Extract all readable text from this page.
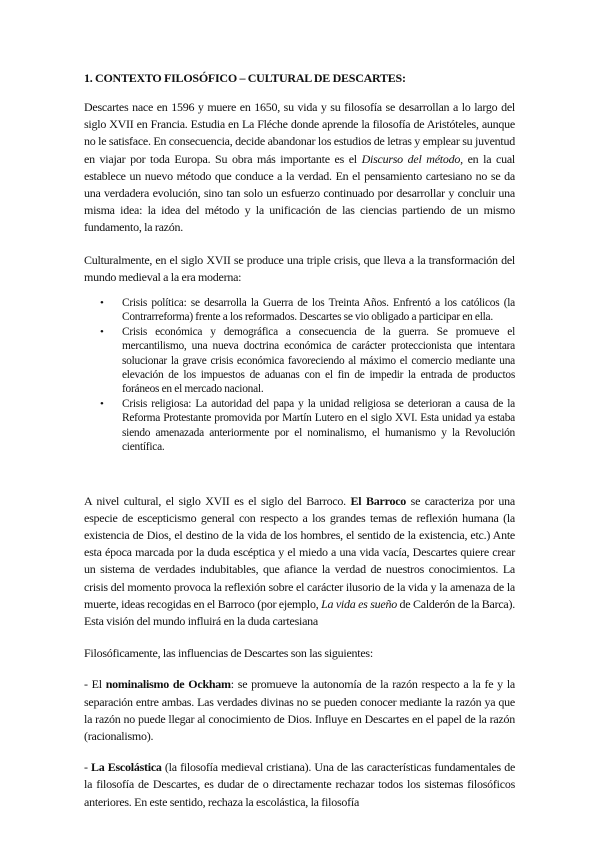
1. CONTEXTO FILOSÓFICO – CULTURAL DE DESCARTES:

Descartes nace en 1596 y muere en 1650, su vida y su filosofía se desarrollan a lo largo del siglo XVII en Francia. Estudia en La Fléche donde aprende la filosofía de Aristóteles, aunque no le satisface. En consecuencia, decide abandonar los estudios de letras y emplear su juventud en viajar por toda Europa. Su obra más importante es el Discurso del método, en la cual establece un nuevo método que conduce a la verdad. En el pensamiento cartesiano no se da una verdadera evolución, sino tan solo un esfuerzo continuado por desarrollar y concluir una misma idea: la idea del método y la unificación de las ciencias partiendo de un mismo fundamento, la razón.

Culturalmente, en el siglo XVII se produce una triple crisis, que lleva a la transformación del mundo medieval a la era moderna:

• Crisis política: se desarrolla la Guerra de los Treinta Años. Enfrentó a los católicos (la Contrarreforma) frente a los reformados. Descartes se vio obligado a participar en ella.
• Crisis económica y demográfica a consecuencia de la guerra. Se promueve el mercantilismo, una nueva doctrina económica de carácter proteccionista que intentara solucionar la grave crisis económica favoreciendo al máximo el comercio mediante una elevación de los impuestos de aduanas con el fin de impedir la entrada de productos foráneos en el mercado nacional.
• Crisis religiosa: La autoridad del papa y la unidad religiosa se deterioran a causa de la Reforma Protestante promovida por Martín Lutero en el siglo XVI. Esta unidad ya estaba siendo amenazada anteriormente por el nominalismo, el humanismo y la Revolución científica.

A nivel cultural, el siglo XVII es el siglo del Barroco. El Barroco se caracteriza por una especie de escepticismo general con respecto a los grandes temas de reflexión humana (la existencia de Dios, el destino de la vida de los hombres, el sentido de la existencia, etc.) Ante esta época marcada por la duda escéptica y el miedo a una vida vacía, Descartes quiere crear un sistema de verdades indubitables, que afiance la verdad de nuestros conocimientos. La crisis del momento provoca la reflexión sobre el carácter ilusorio de la vida y la amenaza de la muerte, ideas recogidas en el Barroco (por ejemplo, La vida es sueño de Calderón de la Barca). Esta visión del mundo influirá en la duda cartesiana

Filosóficamente, las influencias de Descartes son las siguientes:

- El nominalismo de Ockham: se promueve la autonomía de la razón respecto a la fe y la separación entre ambas. Las verdades divinas no se pueden conocer mediante la razón ya que la razón no puede llegar al conocimiento de Dios. Influye en Descartes en el papel de la razón (racionalismo).

- La Escolástica (la filosofía medieval cristiana). Una de las características fundamentales de la filosofía de Descartes, es dudar de o directamente rechazar todos los sistemas filosóficos anteriores. En este sentido, rechaza la escolástica, la filosofía
